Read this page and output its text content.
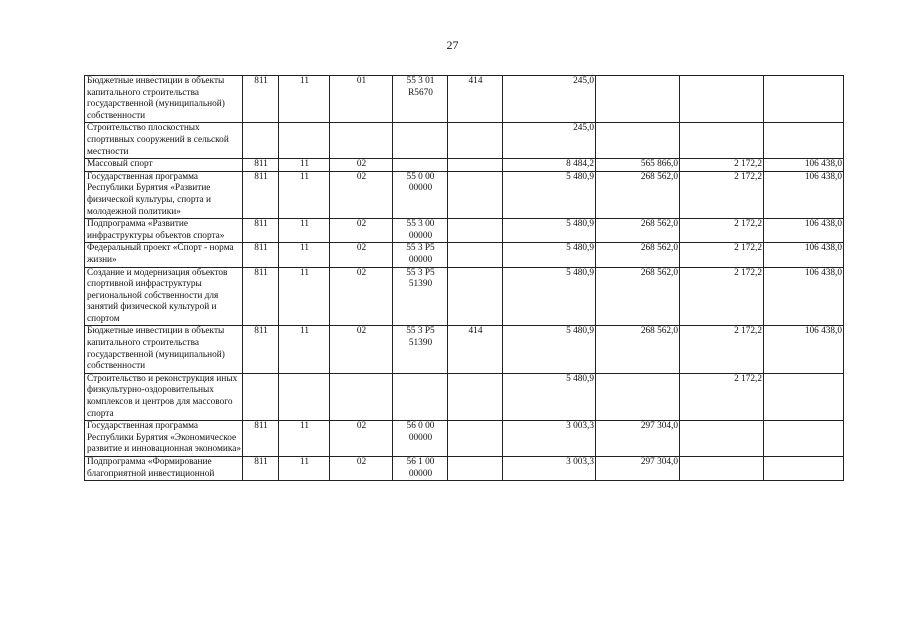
27
Бюджетные инвестиции в объекты капитального строительства государственной (муниципальной) собственности	811	11	01	55 3 01 R5670	414	245,0			
Строительство плоскостных спортивных сооружений в сельской местности						245,0			
Массовый спорт	811	11	02			8 484,2	565 866,0	2 172,2	106 438,0
Государственная программа Республики Бурятия «Развитие физической культуры, спорта и молодежной политики»	811	11	02	55 0 00 00000		5 480,9	268 562,0	2 172,2	106 438,0
Подпрограмма «Развитие инфраструктуры объектов спорта»	811	11	02	55 3 00 00000		5 480,9	268 562,0	2 172,2	106 438,0
Федеральный проект «Спорт - норма жизни»	811	11	02	55 3 P5 00000		5 480,9	268 562,0	2 172,2	106 438,0
Создание и модернизация объектов спортивной инфраструктуры региональной собственности для занятий физической культурой и спортом	811	11	02	55 3 P5 51390		5 480,9	268 562,0	2 172,2	106 438,0
Бюджетные инвестиции в объекты капитального строительства государственной (муниципальной) собственности	811	11	02	55 3 P5 51390	414	5 480,9	268 562,0	2 172,2	106 438,0
Строительство и реконструкция иных физкультурно-оздоровительных комплексов и центров для массового спорта						5 480,9		2 172,2	
Государственная программа Республики Бурятия «Экономическое развитие и инновационная экономика»	811	11	02	56 0 00 00000		3 003,3	297 304,0		
Подпрограмма «Формирование благоприятной инвестиционной	811	11	02	56 1 00 00000		3 003,3	297 304,0		
